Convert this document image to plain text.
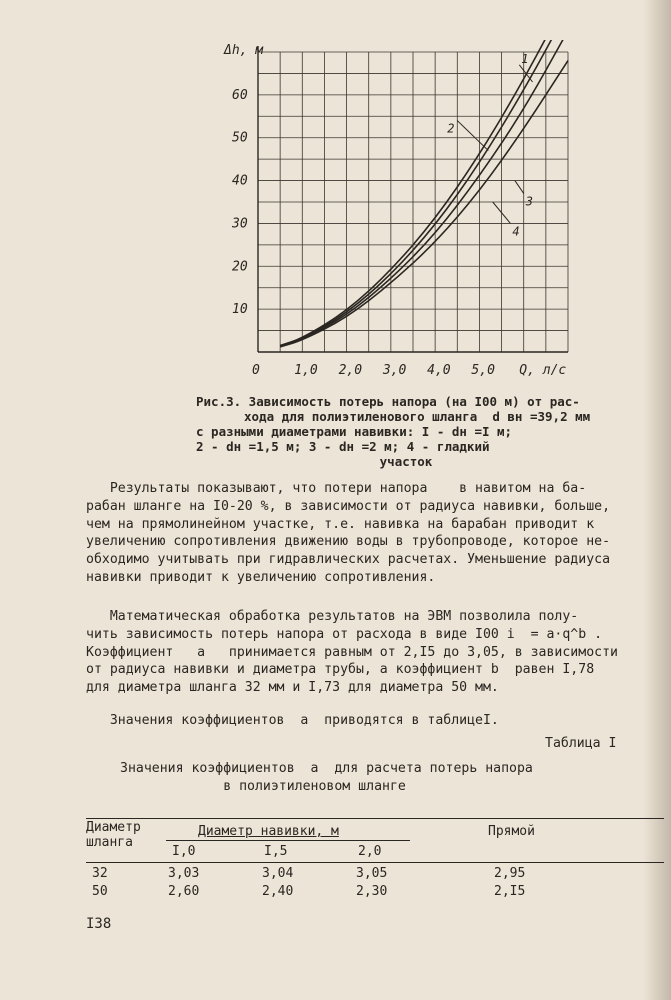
0	1,0 2,0 3,0 4,0 5,0
10
20
30
40
50
60
Q, л/с
Δh, м
1
2
3
4
Рис.3. Зависимость потерь напора (на I00 м) от рас-
ходa для полиэтиленового шланга  d вн =39,2 мм
с разными диаметрами навивки: I - dн =I м;
2 - dн =1,5 м; 3 - dн =2 м; 4 - гладкий
участок
Результаты показывают, что потери напора    в навитом на ба-
рабан шланге на I0-20 %, в зависимости от радиуса навивки, больше,
чем на прямолинейном участке, т.е. навивка на барабан приводит к
увеличению сопротивления движению воды в трубопроводе, которое не-
обходимо учитывать при гидравлических расчетах. Уменьшение радиуса
навивки приводит к увеличению сопротивления.
Математическая обработка результатов на ЭВМ позволила полу-
чить зависимость потерь напора от расхода в виде I00 i  = a·q^b .
Коэффициент   a   принимается равным от 2,I5 до 3,05, в зависимости
от радиуса навивки и диаметра трубы, а коэффициент b  равен I,78
для диаметра шланга 32 мм и I,73 для диаметра 50 мм.
Значения коэффициентов  a  приводятся в таблицеI.
Таблица I
Значения коэффициентов  a  для расчета потерь напора
в полиэтиленовом шланге
Диаметр
шланга
Диаметр навивки, м	Прямой
I,0	I,5	2,0
32	3,03	3,04	3,05	2,95
50	2,60	2,40	2,30	2,I5
I38
